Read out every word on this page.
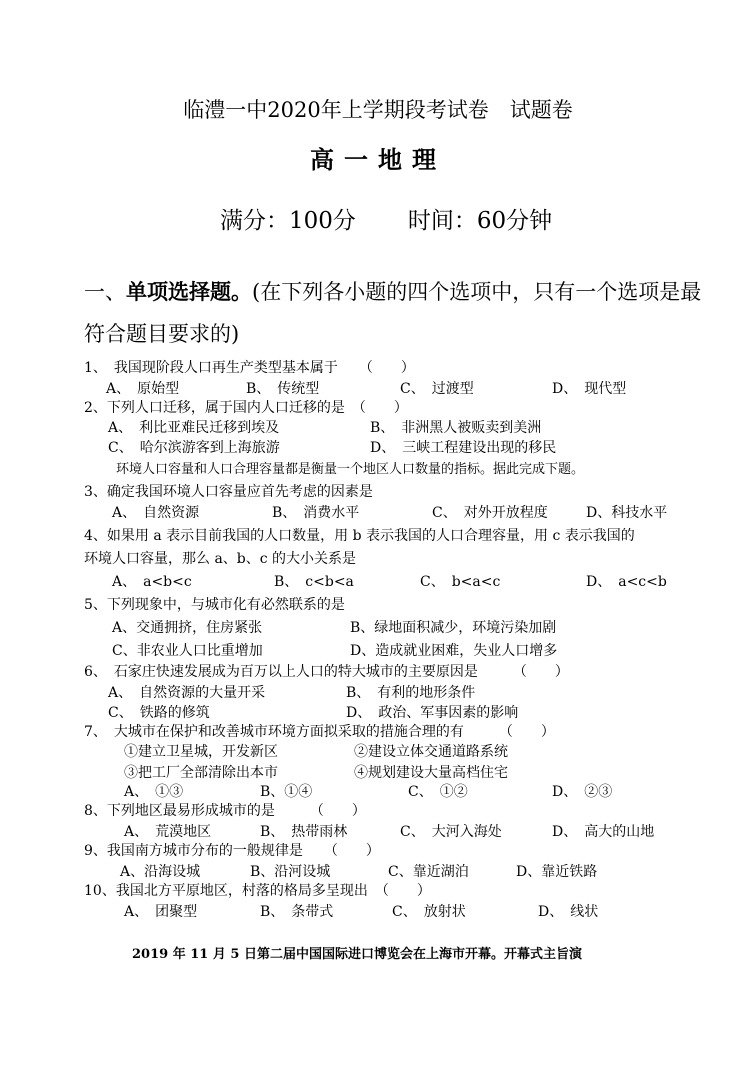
临澧一中2020年上学期段考试卷　试题卷
高一地理
满分：100分 时间：60分钟
一、单项选择题。(在下列各小题的四个选项中，只有一个选项是最
符合题目要求的)
1、　我国现阶段人口再生产类型基本属于　　（　　）
A、　原始型	B、　传统型	C、　过渡型	D、　现代型
2、下列人口迁移，属于国内人口迁移的是　（　　）
A、　利比亚难民迁移到埃及	B、　非洲黑人被贩卖到美洲
C、　哈尔滨游客到上海旅游	D、　三峡工程建设出现的移民
环境人口容量和人口合理容量都是衡量一个地区人口数量的指标。据此完成下题。
3、确定我国环境人口容量应首先考虑的因素是
A、　自然资源	B、　消费水平	C、　对外开放程度	D、科技水平
4、如果用 a 表示目前我国的人口数量，用 b 表示我国的人口合理容量，用 c 表示我国的
环境人口容量，那么 a、b、c 的大小关系是
A、　a<b<c	B、　c<b<a	C、　b<a<c	D、　a<c<b
5、下列现象中，与城市化有必然联系的是
A、交通拥挤，住房紧张	B、绿地面积减少，环境污染加剧
C、非农业人口比重增加	D、造成就业困难，失业人口增多
6、　石家庄快速发展成为百万以上人口的特大城市的主要原因是　　　（　　）
A、　自然资源的大量开采	B、　有利的地形条件
C、　铁路的修筑	D、　政治、军事因素的影响
7、　大城市在保护和改善城市环境方面拟采取的措施合理的有　　　（　　）
①建立卫星城，开发新区	②建设立体交通道路系统
③把工厂全部清除出本市	④规划建设大量高档住宅
A、　①③	B、①④	C、　①②	D、　②③
8、下列地区最易形成城市的是　　　（　　）
A、　荒漠地区	B、　热带雨林	C、　大河入海处	D、　高大的山地
9、我国南方城市分布的一般规律是　　（　　）
A、沿海设城	B、沿河设城	C、靠近湖泊	D、靠近铁路
10、我国北方平原地区，村落的格局多呈现出　（　　）
A、　团聚型	B、　条带式	C、　放射状	D、　线状
2019 年 11 月 5 日第二届中国国际进口博览会在上海市开幕。开幕式主旨演
